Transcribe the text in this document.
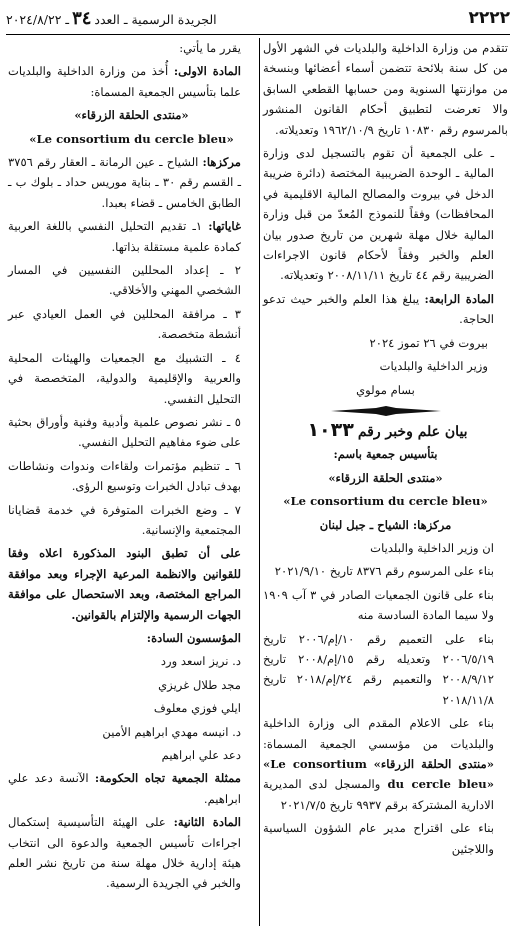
٢٢٢٢
الجريدة الرسمية ـ العدد٣٤ـ ٢٠٢٤/٨/٢٢

تتقدم من وزارة الداخلية والبلديات في الشهر الأول من كل سنة بلائحة تتضمن أسماء أعضائها وبنسخة من موازنتها السنوية ومن حسابها القطعي السابق والا تعرضت لتطبيق أحكام القانون المنشور بالمرسوم رقم ١٠٨٣٠ تاريخ ١٩٦٢/١٠/٩ وتعديلاته.

ـ على الجمعية أن تقوم بالتسجيل لدى وزارة المالية ـ الوحدة الضريبية المختصة (دائرة ضريبة الدخل في بيروت والمصالح المالية الاقليمية في المحافظات) وفقاً للنموذج المُعدّ من قبل وزارة المالية خلال مهلة شهرين من تاريخ صدور بيان العلم والخبر وفقاً لأحكام قانون الاجراءات الضريبية رقم ٤٤ تاريخ ٢٠٠٨/١١/١١ وتعديلاته.

المادة الرابعة: يبلغ هذا العلم والخبر حيث تدعو الحاجة.

بيروت في ٢٦ تموز ٢٠٢٤

وزير الداخلية والبلديات

بسام مولوي

بيان علم وخبر رقم١٠٣٣

بتأسيس جمعية باسم:

«منتدى الحلقة الزرقاء»

«Le consortium du cercle bleu»

مركزها: الشياح ـ جبل لبنان

ان وزير الداخلية والبلديات

بناء على المرسوم رقم ٨٣٧٦ تاريخ ٢٠٢١/٩/١٠

بناء على قانون الجمعيات الصادر في ٣ آب ١٩٠٩ ولا سيما المادة السادسة منه

بناء على التعميم رقم ١٠/إم/٢٠٠٦ تاريخ ٢٠٠٦/٥/١٩ وتعديله رقم ١٥/إم/٢٠٠٨ تاريخ ٢٠٠٨/٩/١٢ والتعميم رقم ٢٤/إم/٢٠١٨ تاريخ ٢٠١٨/١١/٨

بناء على الاعلام المقدم الى وزارة الداخلية والبلديات من مؤسسي الجمعية المسماة: «منتدى الحلقة الزرقاء» «Le consortium du cercle bleu» والمسجل لدى المديرية الادارية المشتركة برقم ٩٩٣٧ تاريخ ٢٠٢١/٧/٥

بناء على اقتراح مدير عام الشؤون السياسية واللاجئين

يقرر ما يأتي:

المادة الاولى: أُخذ من وزارة الداخلية والبلديات علما بتأسيس الجمعية المسماة:

«منتدى الحلقة الزرقاء»

«Le consortium du cercle bleu»

مركزها: الشياح ـ عين الرمانة ـ العقار رقم ٣٧٥٦ ـ القسم رقم ٣٠ ـ بناية موريس حداد ـ بلوك ب ـ الطابق الخامس ـ قضاء بعبدا.

غاياتها: ١ـ تقديم التحليل النفسي باللغة العربية كمادة علمية مستقلة بذاتها.

٢ ـ إعداد المحللين النفسيين في المسار الشخصي المهني والأخلاقي.

٣ ـ مرافقة المحللين في العمل العيادي عبر أنشطة متخصصة.

٤ ـ التشبيك مع الجمعيات والهيئات المحلية والعربية والإقليمية والدولية، المتخصصة في التحليل النفسي.

٥ ـ نشر نصوص علمية وأدبية وفنية وأوراق بحثية على ضوء مفاهيم التحليل النفسي.

٦ ـ تنظيم مؤتمرات ولقاءات وندوات ونشاطات بهدف تبادل الخبرات وتوسيع الرؤى.

٧ ـ وضع الخبرات المتوفرة في خدمة قضايانا المجتمعية والإنسانية.

على أن تطبق البنود المذكورة اعلاه وفقا للقوانين والانظمة المرعية الإجراء وبعد موافقة المراجع المختصة، وبعد الاستحصال على موافقة الجهات الرسمية والإلتزام بالقوانين.

المؤسسون السادة:

د. نريز اسعد ورد

مجد طلال غريزي

ايلي فوزي معلوف

د. انيسه مهدي ابراهيم الأمين

دعد علي ابراهيم

ممثلة الجمعية تجاه الحكومة: الآنسة دعد علي ابراهيم.

المادة الثانية: على الهيئة التأسيسية إستكمال اجراءات تأسيس الجمعية والدعوة الى انتخاب هيئة إدارية خلال مهلة سنة من تاريخ نشر العلم والخبر في الجريدة الرسمية.
